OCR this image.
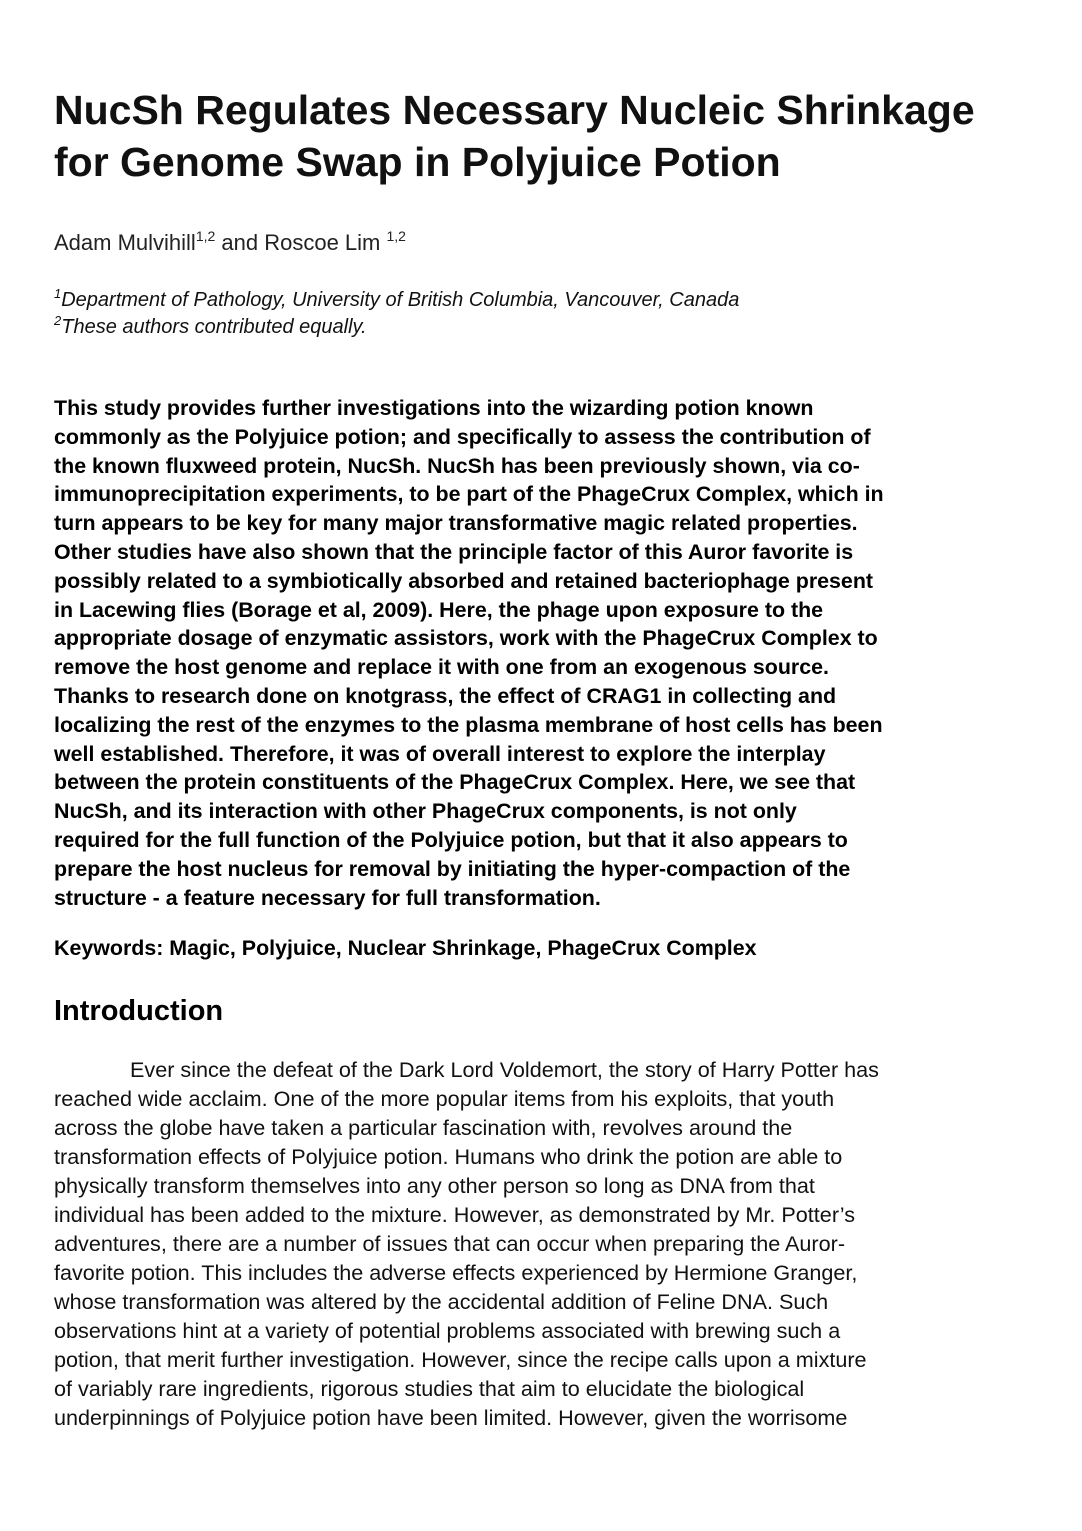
NucSh Regulates Necessary Nucleic Shrinkage
for Genome Swap in Polyjuice Potion
Adam Mulvihill$^{1,2}$ and Roscoe Lim $^{1,2}$
$^1$Department of Pathology, University of British Columbia, Vancouver, Canada
$^2$These authors contributed equally.
This study provides further investigations into the wizarding potion known
commonly as the Polyjuice potion; and specifically to assess the contribution of
the known fluxweed protein, NucSh. NucSh has been previously shown, via co-
immunoprecipitation experiments, to be part of the PhageCrux Complex, which in
turn appears to be key for many major transformative magic related properties.
Other studies have also shown that the principle factor of this Auror favorite is
possibly related to a symbiotically absorbed and retained bacteriophage present
in Lacewing flies (Borage et al, 2009). Here, the phage upon exposure to the
appropriate dosage of enzymatic assistors, work with the PhageCrux Complex to
remove the host genome and replace it with one from an exogenous source.
Thanks to research done on knotgrass, the effect of CRAG1 in collecting and
localizing the rest of the enzymes to the plasma membrane of host cells has been
well established. Therefore, it was of overall interest to explore the interplay
between the protein constituents of the PhageCrux Complex. Here, we see that
NucSh, and its interaction with other PhageCrux components, is not only
required for the full function of the Polyjuice potion, but that it also appears to
prepare the host nucleus for removal by initiating the hyper-compaction of the
structure - a feature necessary for full transformation.
Keywords: Magic, Polyjuice, Nuclear Shrinkage, PhageCrux Complex
Introduction
Ever since the defeat of the Dark Lord Voldemort, the story of Harry Potter has
reached wide acclaim. One of the more popular items from his exploits, that youth
across the globe have taken a particular fascination with, revolves around the
transformation effects of Polyjuice potion. Humans who drink the potion are able to
physically transform themselves into any other person so long as DNA from that
individual has been added to the mixture. However, as demonstrated by Mr. Potter’s
adventures, there are a number of issues that can occur when preparing the Auror-
favorite potion. This includes the adverse effects experienced by Hermione Granger,
whose transformation was altered by the accidental addition of Feline DNA. Such
observations hint at a variety of potential problems associated with brewing such a
potion, that merit further investigation. However, since the recipe calls upon a mixture
of variably rare ingredients, rigorous studies that aim to elucidate the biological
underpinnings of Polyjuice potion have been limited. However, given the worrisome
